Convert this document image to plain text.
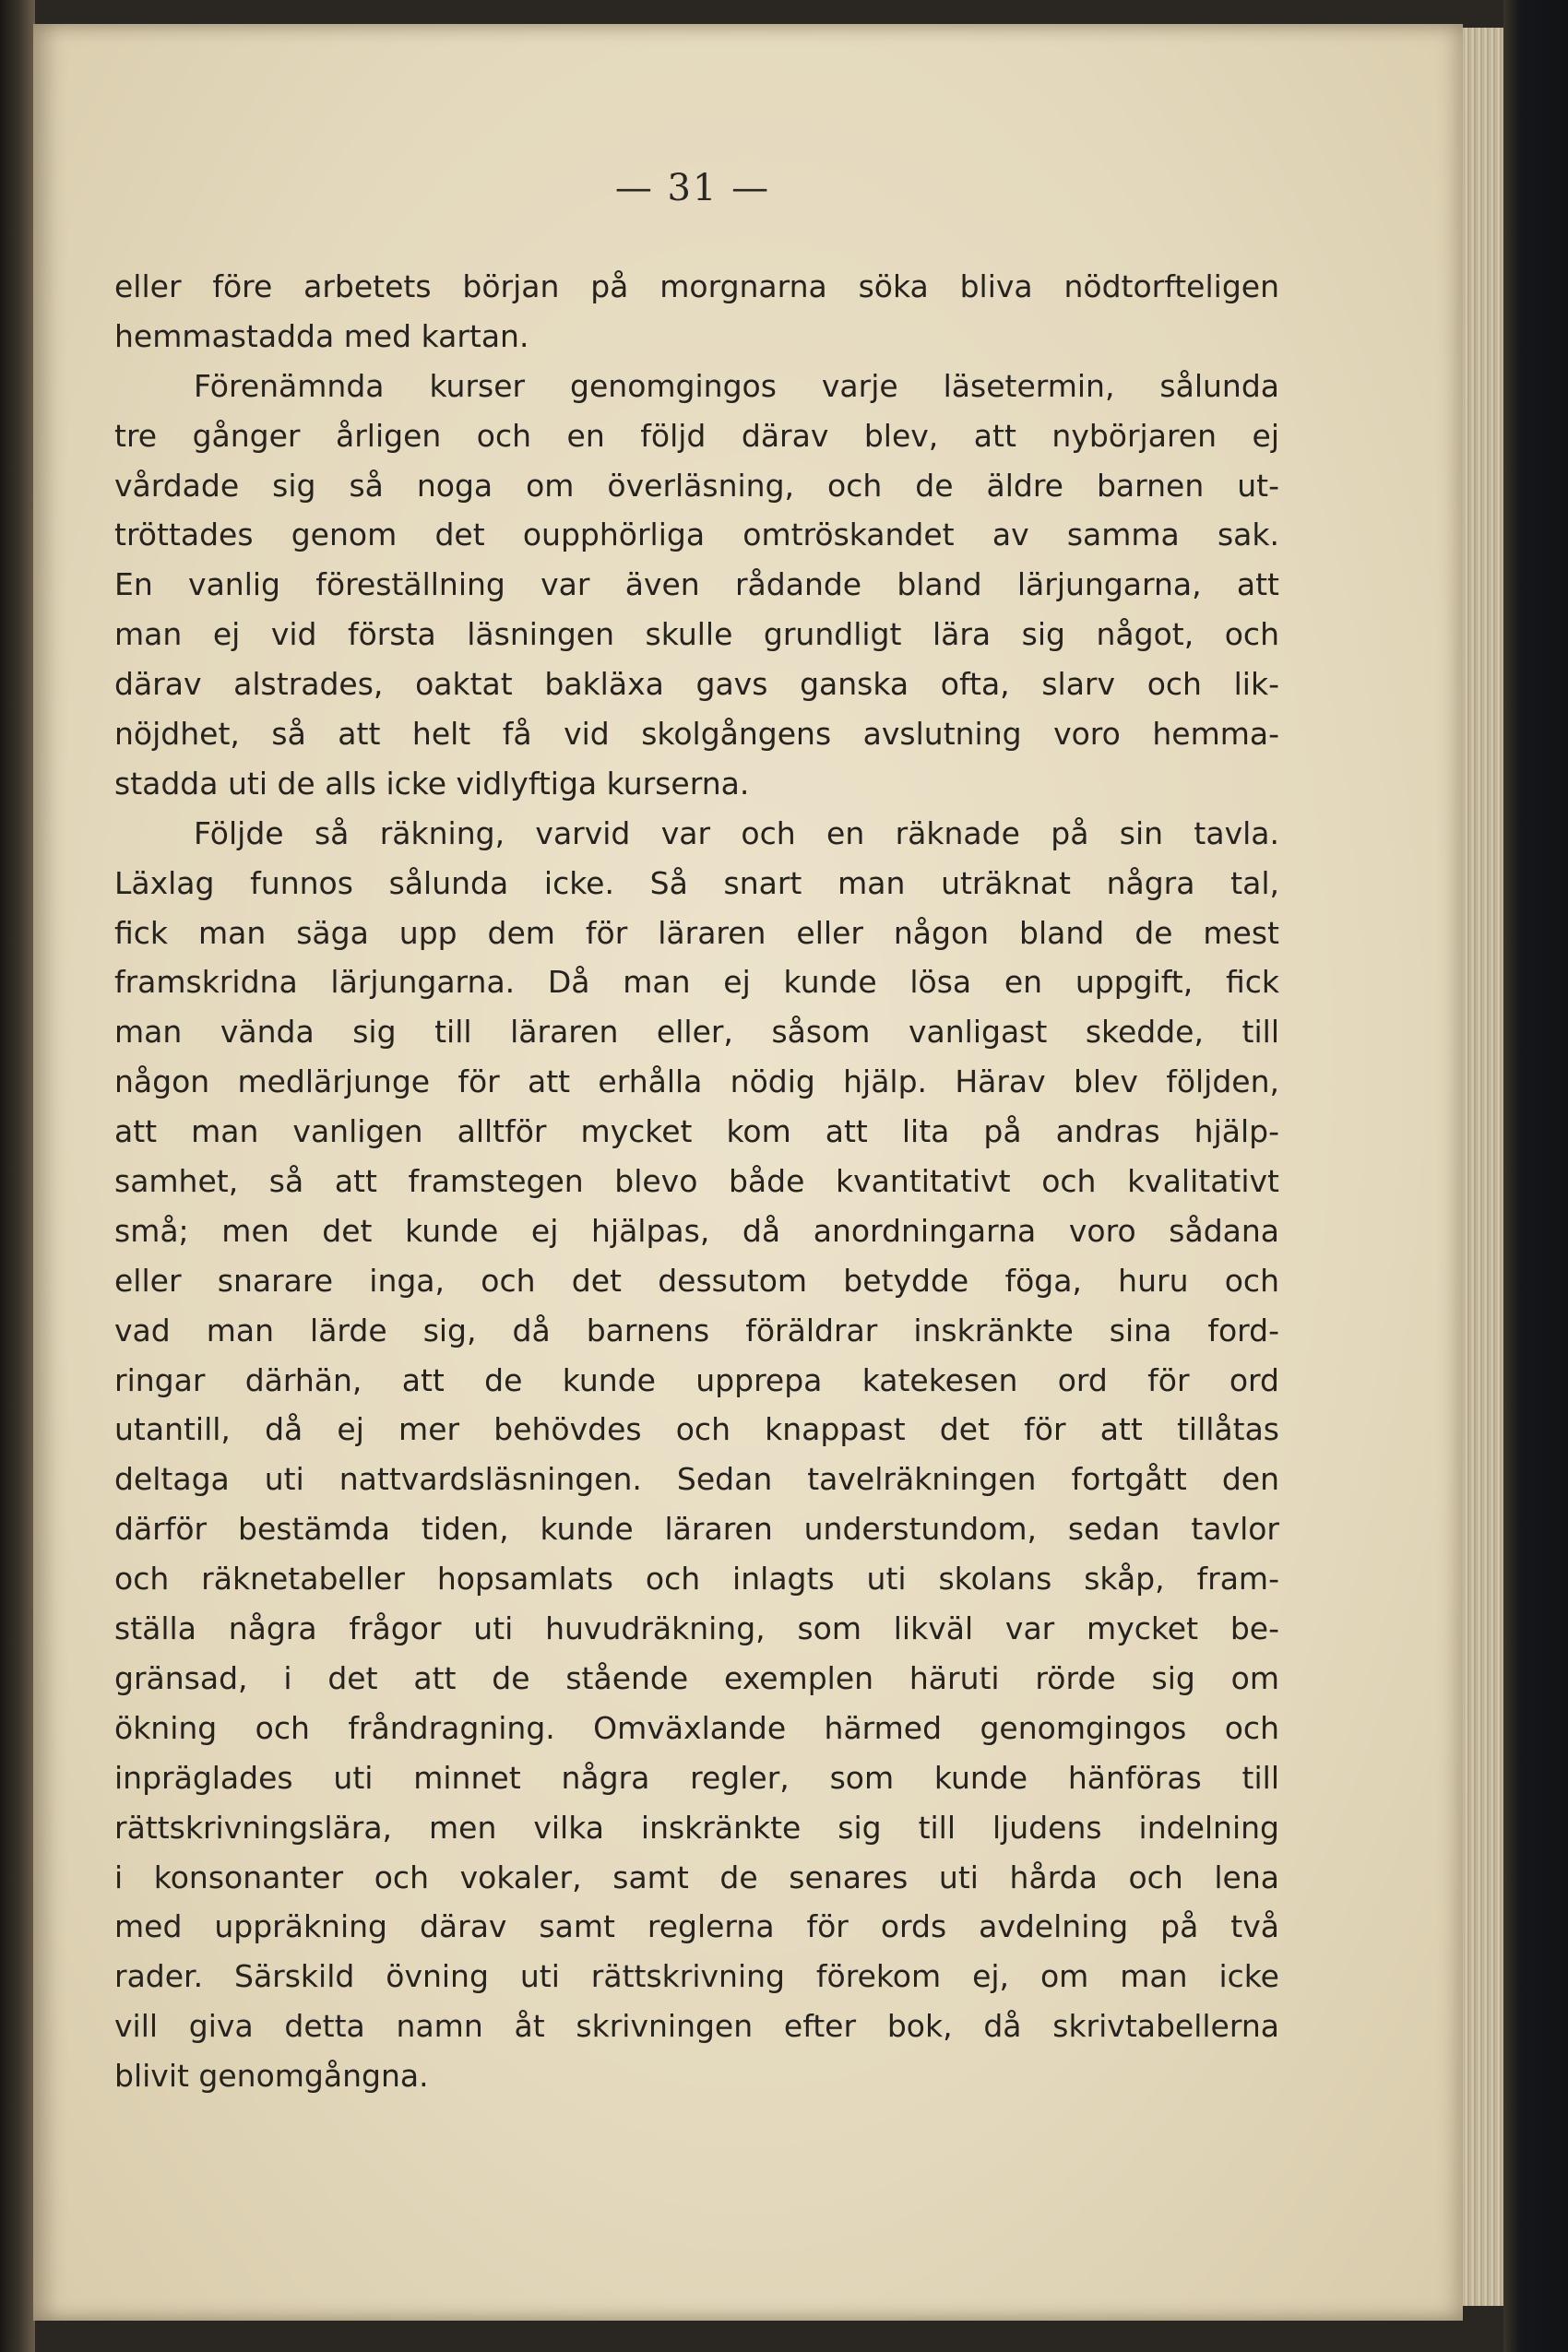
— 31 —
eller före arbetets början på morgnarna söka bliva nödtorfteligen
hemmastadda med kartan.
Förenämnda kurser genomgingos varje läsetermin, sålunda
tre gånger årligen och en följd därav blev, att nybörjaren ej
vårdade sig så noga om överläsning, och de äldre barnen ut-
tröttades genom det oupphörliga omtröskandet av samma sak.
En vanlig föreställning var även rådande bland lärjungarna, att
man ej vid första läsningen skulle grundligt lära sig något, och
därav alstrades, oaktat bakläxa gavs ganska ofta, slarv och lik-
nöjdhet, så att helt få vid skolgångens avslutning voro hemma-
stadda uti de alls icke vidlyftiga kurserna.
Följde så räkning, varvid var och en räknade på sin tavla.
Läxlag funnos sålunda icke. Så snart man uträknat några tal,
fick man säga upp dem för läraren eller någon bland de mest
framskridna lärjungarna. Då man ej kunde lösa en uppgift, fick
man vända sig till läraren eller, såsom vanligast skedde, till
någon medlärjunge för att erhålla nödig hjälp. Härav blev följden,
att man vanligen alltför mycket kom att lita på andras hjälp-
samhet, så att framstegen blevo både kvantitativt och kvalitativt
små; men det kunde ej hjälpas, då anordningarna voro sådana
eller snarare inga, och det dessutom betydde föga, huru och
vad man lärde sig, då barnens föräldrar inskränkte sina ford-
ringar därhän, att de kunde upprepa katekesen ord för ord
utantill, då ej mer behövdes och knappast det för att tillåtas
deltaga uti nattvardsläsningen. Sedan tavelräkningen fortgått den
därför bestämda tiden, kunde läraren understundom, sedan tavlor
och räknetabeller hopsamlats och inlagts uti skolans skåp, fram-
ställa några frågor uti huvudräkning, som likväl var mycket be-
gränsad, i det att de stående exemplen häruti rörde sig om
ökning och fråndragning. Omväxlande härmed genomgingos och
inpräglades uti minnet några regler, som kunde hänföras till
rättskrivningslära, men vilka inskränkte sig till ljudens indelning
i konsonanter och vokaler, samt de senares uti hårda och lena
med uppräkning därav samt reglerna för ords avdelning på två
rader. Särskild övning uti rättskrivning förekom ej, om man icke
vill giva detta namn åt skrivningen efter bok, då skrivtabellerna
blivit genomgångna.
